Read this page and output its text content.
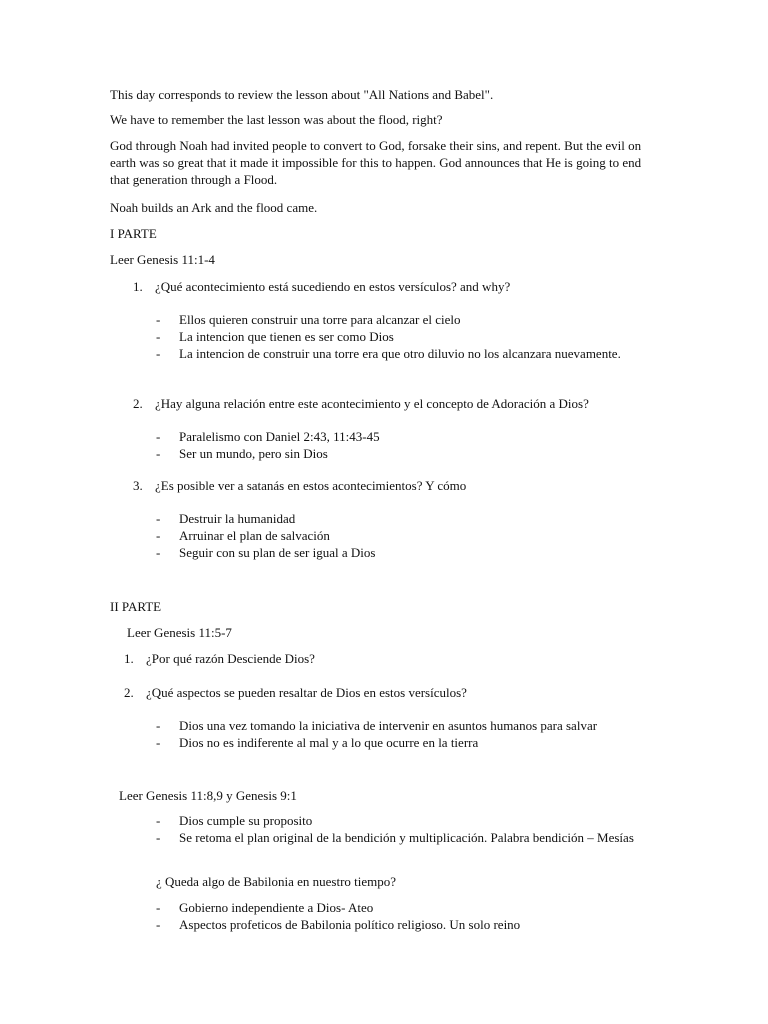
This day corresponds to review the lesson about "All Nations and Babel".
We have to remember the last lesson was about the flood, right?
God through Noah had invited people to convert to God, forsake their sins, and repent. But the evil on earth was so great that it made it impossible for this to happen. God announces that He is going to end that generation through a Flood.
Noah builds an Ark and the flood came.
I PARTE
Leer Genesis 11:1-4
1. ¿Qué acontecimiento está sucediendo en estos versículos? and why?
- Ellos quieren construir una torre para alcanzar el cielo
- La intencion que tienen es ser como Dios
- La intencion de construir una torre era que otro diluvio no los alcanzara nuevamente.
2. ¿Hay alguna relación entre este acontecimiento y el concepto de Adoración a Dios?
- Paralelismo con Daniel 2:43, 11:43-45
- Ser un mundo, pero sin Dios
3. ¿Es posible ver a satanás en estos acontecimientos? Y cómo
- Destruir la humanidad
- Arruinar el plan de salvación
- Seguir con su plan de ser igual a Dios
II PARTE
Leer Genesis 11:5-7
1. ¿Por qué razón Desciende Dios?
2. ¿Qué aspectos se pueden resaltar de Dios en estos versículos?
- Dios una vez tomando la iniciativa de intervenir en asuntos humanos para salvar
- Dios no es indiferente al mal y a lo que ocurre en la tierra
Leer Genesis 11:8,9 y Genesis 9:1
- Dios cumple su proposito
- Se retoma el plan original de la bendición y multiplicación. Palabra bendición – Mesías
¿ Queda algo de Babilonia en nuestro tiempo?
- Gobierno independiente a Dios- Ateo
- Aspectos profeticos de Babilonia político religioso. Un solo reino
